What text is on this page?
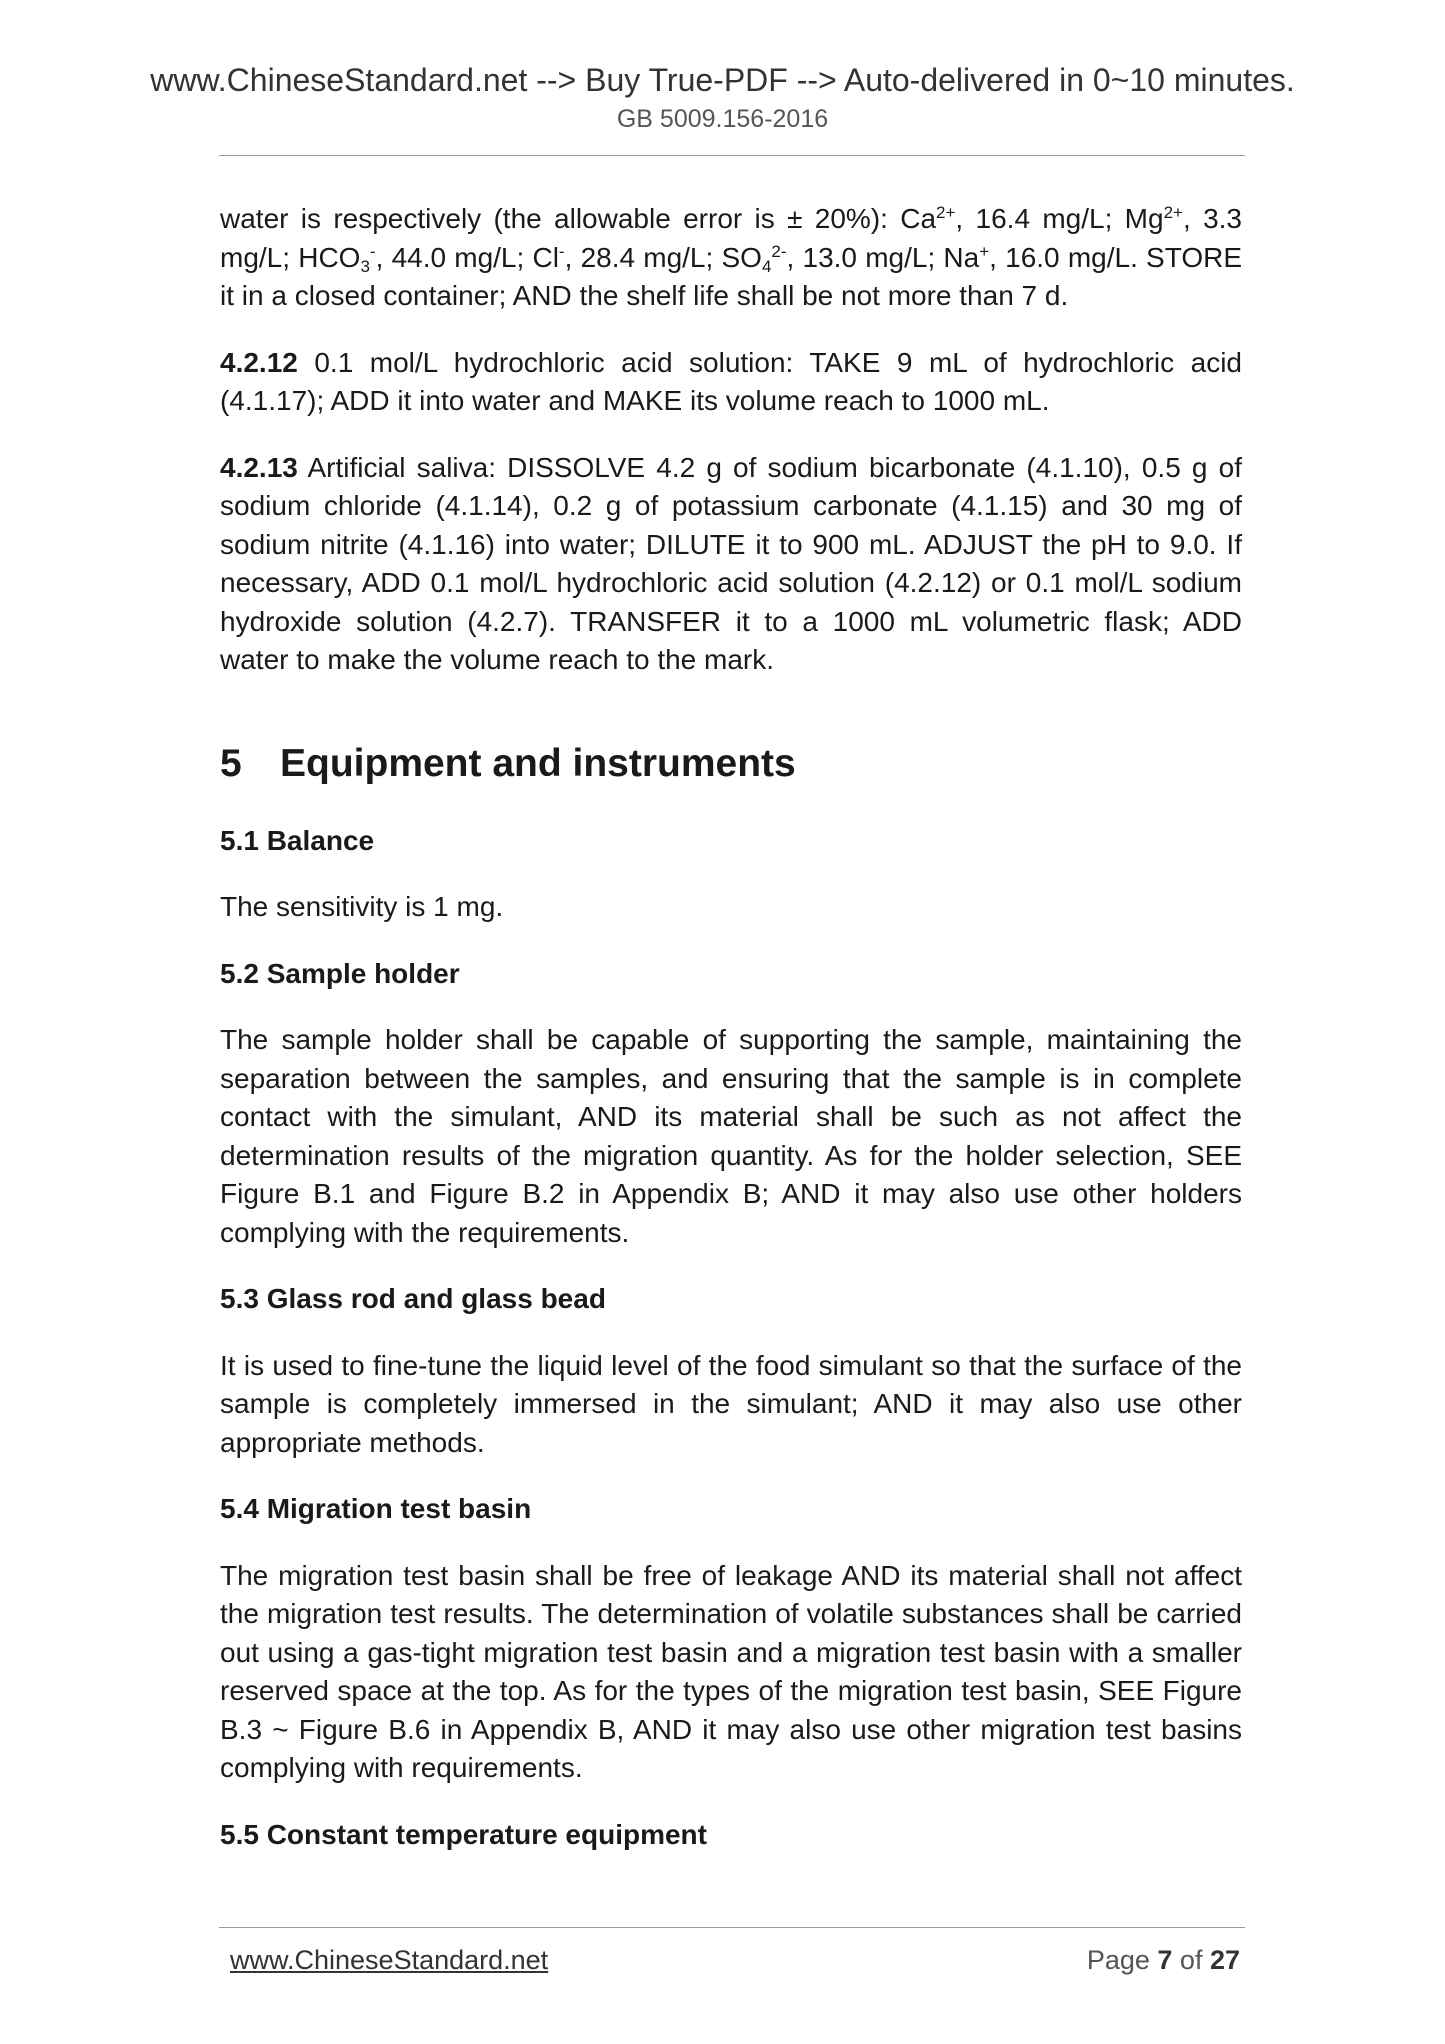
www.ChineseStandard.net --> Buy True-PDF --> Auto-delivered in 0~10 minutes.
GB 5009.156-2016

water is respectively (the allowable error is ± 20%): $Ca^{2+}$, 16.4 mg/L; $Mg^{2+}$, 3.3 mg/L; $HCO_3^-$, 44.0 mg/L; Cl-, 28.4 mg/L; $SO_4^{2-}$, 13.0 mg/L; Na+, 16.0 mg/L. STORE it in a closed container; AND the shelf life shall be not more than 7 d.

4.2.12 0.1 mol/L hydrochloric acid solution: TAKE 9 mL of hydrochloric acid (4.1.17); ADD it into water and MAKE its volume reach to 1000 mL.

4.2.13 Artificial saliva: DISSOLVE 4.2 g of sodium bicarbonate (4.1.10), 0.5 g of sodium chloride (4.1.14), 0.2 g of potassium carbonate (4.1.15) and 30 mg of sodium nitrite (4.1.16) into water; DILUTE it to 900 mL. ADJUST the pH to 9.0. If necessary, ADD 0.1 mol/L hydrochloric acid solution (4.2.12) or 0.1 mol/L sodium hydroxide solution (4.2.7). TRANSFER it to a 1000 mL volumetric flask; ADD water to make the volume reach to the mark.

5 Equipment and instruments
5.1 Balance

The sensitivity is 1 mg.

5.2 Sample holder

The sample holder shall be capable of supporting the sample, maintaining the separation between the samples, and ensuring that the sample is in complete contact with the simulant, AND its material shall be such as not affect the determination results of the migration quantity. As for the holder selection, SEE Figure B.1 and Figure B.2 in Appendix B; AND it may also use other holders complying with the requirements.

5.3 Glass rod and glass bead

It is used to fine-tune the liquid level of the food simulant so that the surface of the sample is completely immersed in the simulant; AND it may also use other appropriate methods.

5.4 Migration test basin

The migration test basin shall be free of leakage AND its material shall not affect the migration test results. The determination of volatile substances shall be carried out using a gas-tight migration test basin and a migration test basin with a smaller reserved space at the top. As for the types of the migration test basin, SEE Figure B.3 ~ Figure B.6 in Appendix B, AND it may also use other migration test basins complying with requirements.

5.5 Constant temperature equipment
www.ChineseStandard.net	Page 7 of 27
